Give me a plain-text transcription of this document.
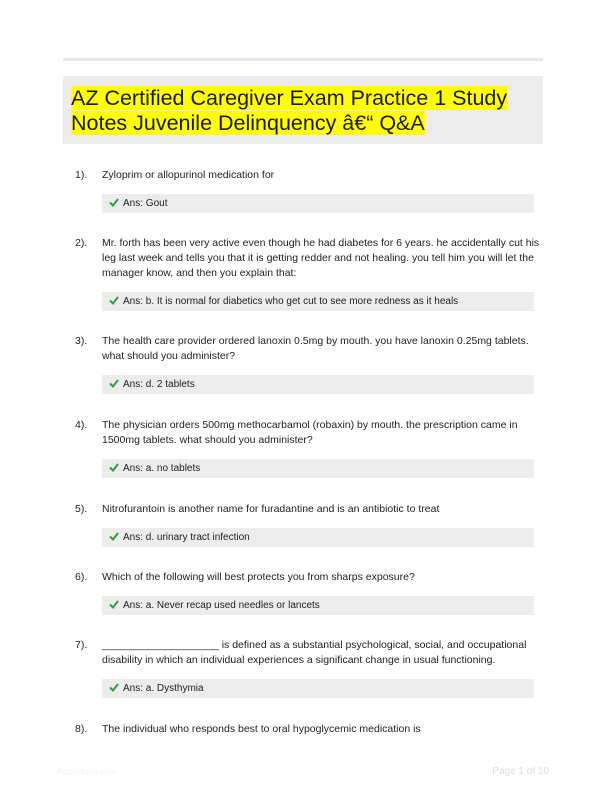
AZ Certified Caregiver Exam Practice 1 Study Notes Juvenile Delinquency â€“ Q&A
1). Zyloprim or allopurinol medication for

Ans: Gout
2). Mr. forth has been very active even though he had diabetes for 6 years. he accidentally cut his leg last week and tells you that it is getting redder and not healing. you tell him you will let the manager know, and then you explain that:

Ans: b. It is normal for diabetics who get cut to see more redness as it heals
3). The health care provider ordered lanoxin 0.5mg by mouth. you have lanoxin 0.25mg tablets. what should you administer?

Ans: d. 2 tablets
4). The physician orders 500mg methocarbamol (robaxin) by mouth. the prescription came in 1500mg tablets. what should you administer?

Ans: a. no tablets
5). Nitrofurantoin is another name for furadantine and is an antibiotic to treat

Ans: d. urinary tract infection
6). Which of the following will best protects you from sharps exposure?

Ans: a. Never recap used needles or lancets
7). ____________________ is defined as a substantial psychological, social, and occupational disability in which an individual experiences a significant change in usual functioning.

Ans: a. Dysthymia
8). The individual who responds best to oral hypoglycemic medication is

Paperfolio.com	Page 1 of 10
